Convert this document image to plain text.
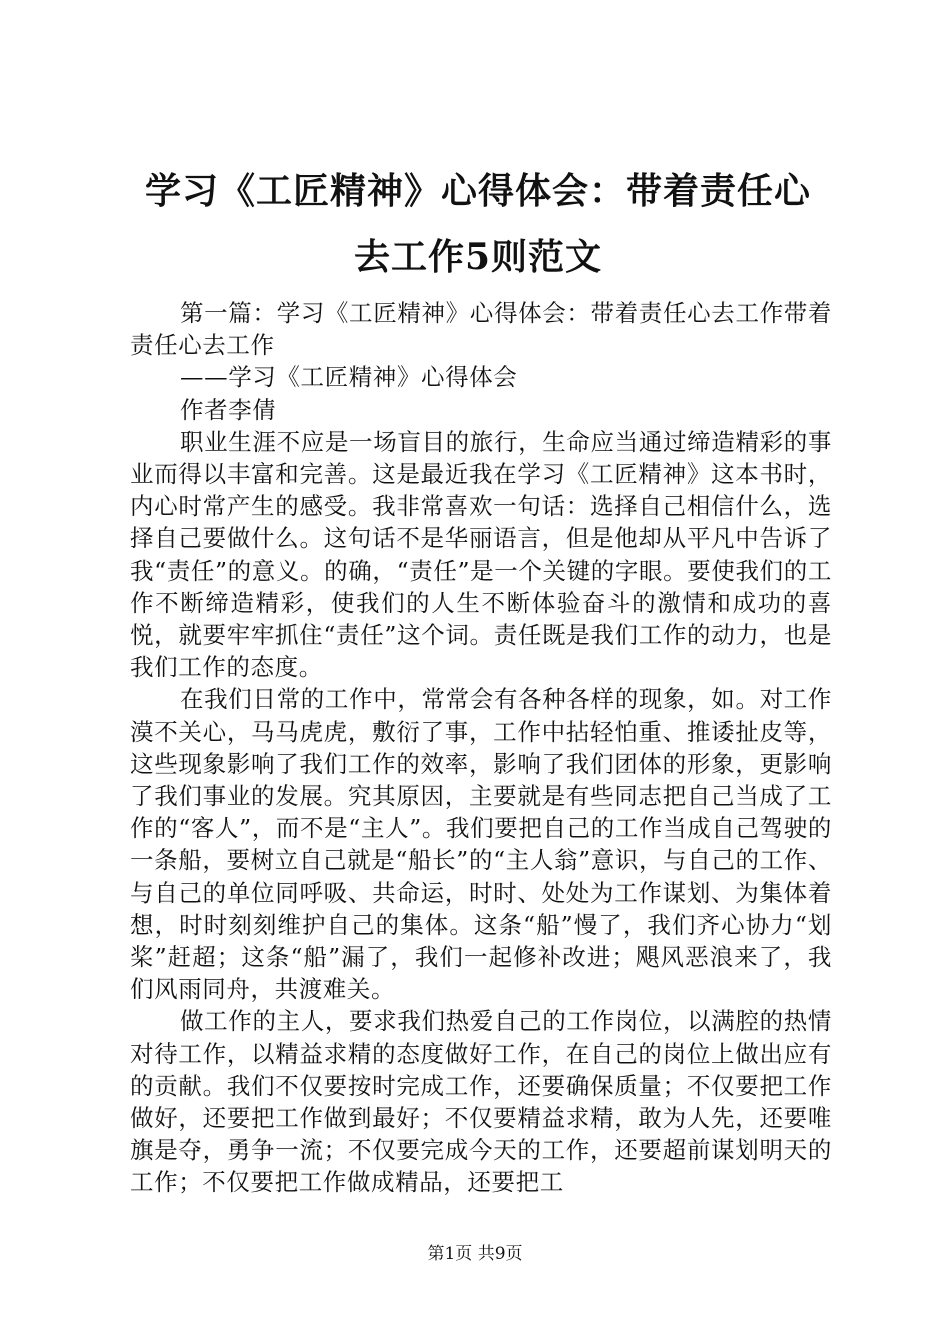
学习《工匠精神》心得体会：带着责任心去工作5则范文

第一篇：学习《工匠精神》心得体会：带着责任心去工作带着责任心去工作

——学习《工匠精神》心得体会

作者李倩

职业生涯不应是一场盲目的旅行，生命应当通过缔造精彩的事业而得以丰富和完善。这是最近我在学习《工匠精神》这本书时，内心时常产生的感受。我非常喜欢一句话：选择自己相信什么，选择自己要做什么。这句话不是华丽语言，但是他却从平凡中告诉了我“责任”的意义。的确，“责任”是一个关键的字眼。要使我们的工作不断缔造精彩，使我们的人生不断体验奋斗的激情和成功的喜悦，就要牢牢抓住“责任”这个词。责任既是我们工作的动力，也是我们工作的态度。

在我们日常的工作中，常常会有各种各样的现象，如。对工作漠不关心，马马虎虎，敷衍了事，工作中拈轻怕重、推诿扯皮等，这些现象影响了我们工作的效率，影响了我们团体的形象，更影响了我们事业的发展。究其原因，主要就是有些同志把自己当成了工作的“客人”，而不是“主人”。我们要把自己的工作当成自己驾驶的一条船，要树立自己就是“船长”的“主人翁”意识，与自己的工作、与自己的单位同呼吸、共命运，时时、处处为工作谋划、为集体着想，时时刻刻维护自己的集体。这条“船”慢了，我们齐心协力“划桨”赶超；这条“船”漏了，我们一起修补改进；飓风恶浪来了，我们风雨同舟，共渡难关。

做工作的主人，要求我们热爱自己的工作岗位，以满腔的热情对待工作，以精益求精的态度做好工作，在自己的岗位上做出应有的贡献。我们不仅要按时完成工作，还要确保质量；不仅要把工作做好，还要把工作做到最好；不仅要精益求精，敢为人先，还要唯旗是夺，勇争一流；不仅要完成今天的工作，还要超前谋划明天的工作；不仅要把工作做成精品，还要把工

第1页 共9页
